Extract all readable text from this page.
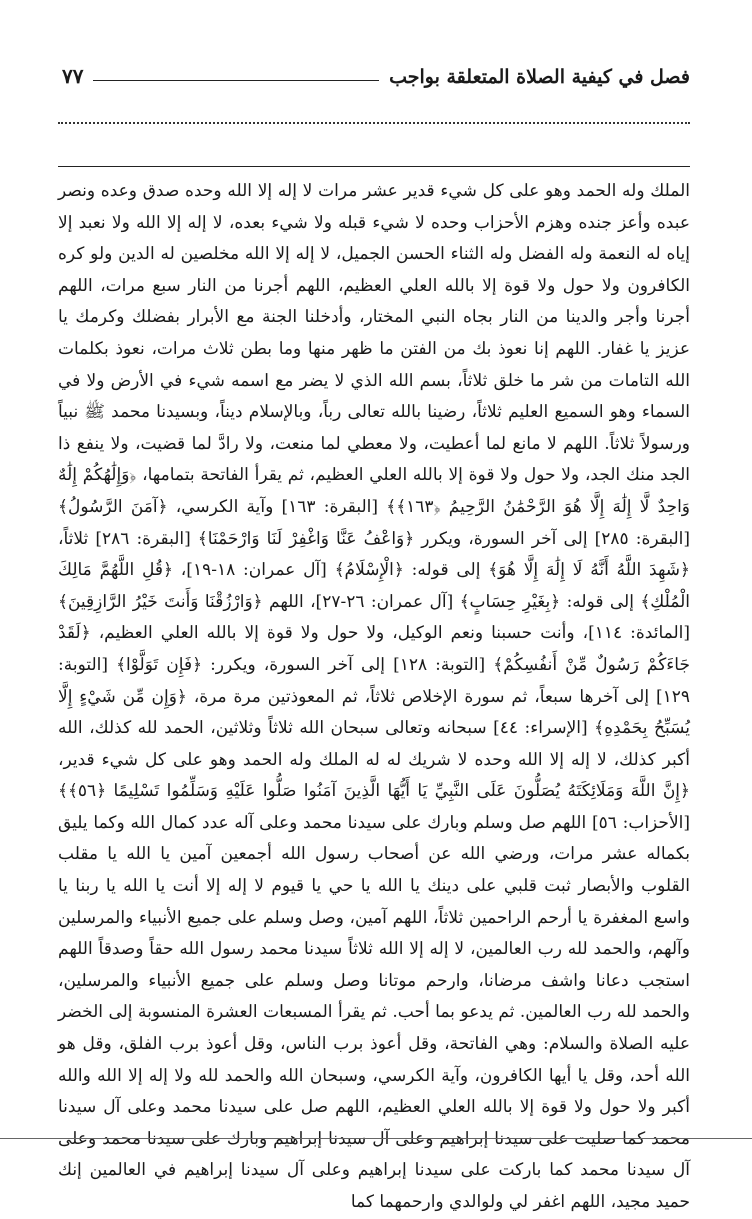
فصل في كيفية الصلاة المتعلقة بواجب
٧٧

الملك وله الحمد وهو على كل شيء قدير عشر مرات لا إله إلا الله وحده صدق وعده ونصر عبده وأعز جنده وهزم الأحزاب وحده لا شيء قبله ولا شيء بعده، لا إله إلا الله ولا نعبد إلا إياه له النعمة وله الفضل وله الثناء الحسن الجميل، لا إله إلا الله مخلصين له الدين ولو كره الكافرون ولا حول ولا قوة إلا بالله العلي العظيم، اللهم أجرنا من النار سبع مرات، اللهم أجرنا وأجر والدينا من النار بجاه النبي المختار، وأدخلنا الجنة مع الأبرار بفضلك وكرمك يا عزيز يا غفار. اللهم إنا نعوذ بك من الفتن ما ظهر منها وما بطن ثلاث مرات، نعوذ بكلمات الله التامات من شر ما خلق ثلاثاً، بسم الله الذي لا يضر مع اسمه شيء في الأرض ولا في السماء وهو السميع العليم ثلاثاً، رضينا بالله تعالى رباً، وبالإسلام ديناً، وبسيدنا محمد ﷺ نبياً ورسولاً ثلاثاً. اللهم لا مانع لما أعطيت، ولا معطي لما منعت، ولا رادَّ لما قضيت، ولا ينفع ذا الجد منك الجد، ولا حول ولا قوة إلا بالله العلي العظيم، ثم يقرأ الفاتحة بتمامها، ﴿وَإِلَٰهُكُمْ إِلَٰهٌ وَاحِدٌ لَّا إِلَٰهَ إِلَّا هُوَ الرَّحْمَٰنُ الرَّحِيمُ ﴿١٦٣﴾﴾ [البقرة: ١٦٣] وآية الكرسي، ﴿آمَنَ الرَّسُولُ﴾ [البقرة: ٢٨٥] إلى آخر السورة، ويكرر ﴿وَاعْفُ عَنَّا وَاغْفِرْ لَنَا وَارْحَمْنَا﴾ [البقرة: ٢٨٦] ثلاثاً، ﴿شَهِدَ اللَّهُ أَنَّهُ لَا إِلَٰهَ إِلَّا هُوَ﴾ إلى قوله: ﴿الْإِسْلَامُ﴾ [آل عمران: ١٨-١٩]، ﴿قُلِ اللَّهُمَّ مَالِكَ الْمُلْكِ﴾ إلى قوله: ﴿بِغَيْرِ حِسَابٍ﴾ [آل عمران: ٢٦-٢٧]، اللهم ﴿وَارْزُقْنَا وَأَنتَ خَيْرُ الرَّازِقِينَ﴾ [المائدة: ١١٤]، وأنت حسبنا ونعم الوكيل، ولا حول ولا قوة إلا بالله العلي العظيم، ﴿لَقَدْ جَاءَكُمْ رَسُولٌ مِّنْ أَنفُسِكُمْ﴾ [التوبة: ١٢٨] إلى آخر السورة، ويكرر: ﴿فَإِن تَوَلَّوْا﴾ [التوبة: ١٢٩] إلى آخرها سبعاً، ثم سورة الإخلاص ثلاثاً، ثم المعوذتين مرة مرة، ﴿وَإِن مِّن شَيْءٍ إِلَّا يُسَبِّحُ بِحَمْدِهِ﴾ [الإسراء: ٤٤] سبحانه وتعالى سبحان الله ثلاثاً وثلاثين، الحمد لله كذلك، الله أكبر كذلك، لا إله إلا الله وحده لا شريك له له الملك وله الحمد وهو على كل شيء قدير، ﴿إِنَّ اللَّهَ وَمَلَائِكَتَهُ يُصَلُّونَ عَلَى النَّبِيِّ يَا أَيُّهَا الَّذِينَ آمَنُوا صَلُّوا عَلَيْهِ وَسَلِّمُوا تَسْلِيمًا ﴿٥٦﴾﴾ [الأحزاب: ٥٦] اللهم صل وسلم وبارك على سيدنا محمد وعلى آله عدد كمال الله وكما يليق بكماله عشر مرات، ورضي الله عن أصحاب رسول الله أجمعين آمين يا الله يا مقلب القلوب والأبصار ثبت قلبي على دينك يا الله يا حي يا قيوم لا إله إلا أنت يا الله يا ربنا يا واسع المغفرة يا أرحم الراحمين ثلاثاً، اللهم آمين، وصل وسلم على جميع الأنبياء والمرسلين وآلهم، والحمد لله رب العالمين، لا إله إلا الله ثلاثاً سيدنا محمد رسول الله حقاً وصدقاً اللهم استجب دعانا واشف مرضانا، وارحم موتانا وصل وسلم على جميع الأنبياء والمرسلين، والحمد لله رب العالمين. ثم يدعو بما أحب. ثم يقرأ المسبعات العشرة المنسوبة إلى الخضر عليه الصلاة والسلام: وهي الفاتحة، وقل أعوذ برب الناس، وقل أعوذ برب الفلق، وقل هو الله أحد، وقل يا أيها الكافرون، وآية الكرسي، وسبحان الله والحمد لله ولا إله إلا الله والله أكبر ولا حول ولا قوة إلا بالله العلي العظيم، اللهم صل على سيدنا محمد وعلى آل سيدنا محمد كما صليت على سيدنا إبراهيم وعلى آل سيدنا إبراهيم وبارك على سيدنا محمد وعلى آل سيدنا محمد كما باركت على سيدنا إبراهيم وعلى آل سيدنا إبراهيم في العالمين إنك حميد مجيد، اللهم اغفر لي ولوالدي وارحمهما كما
